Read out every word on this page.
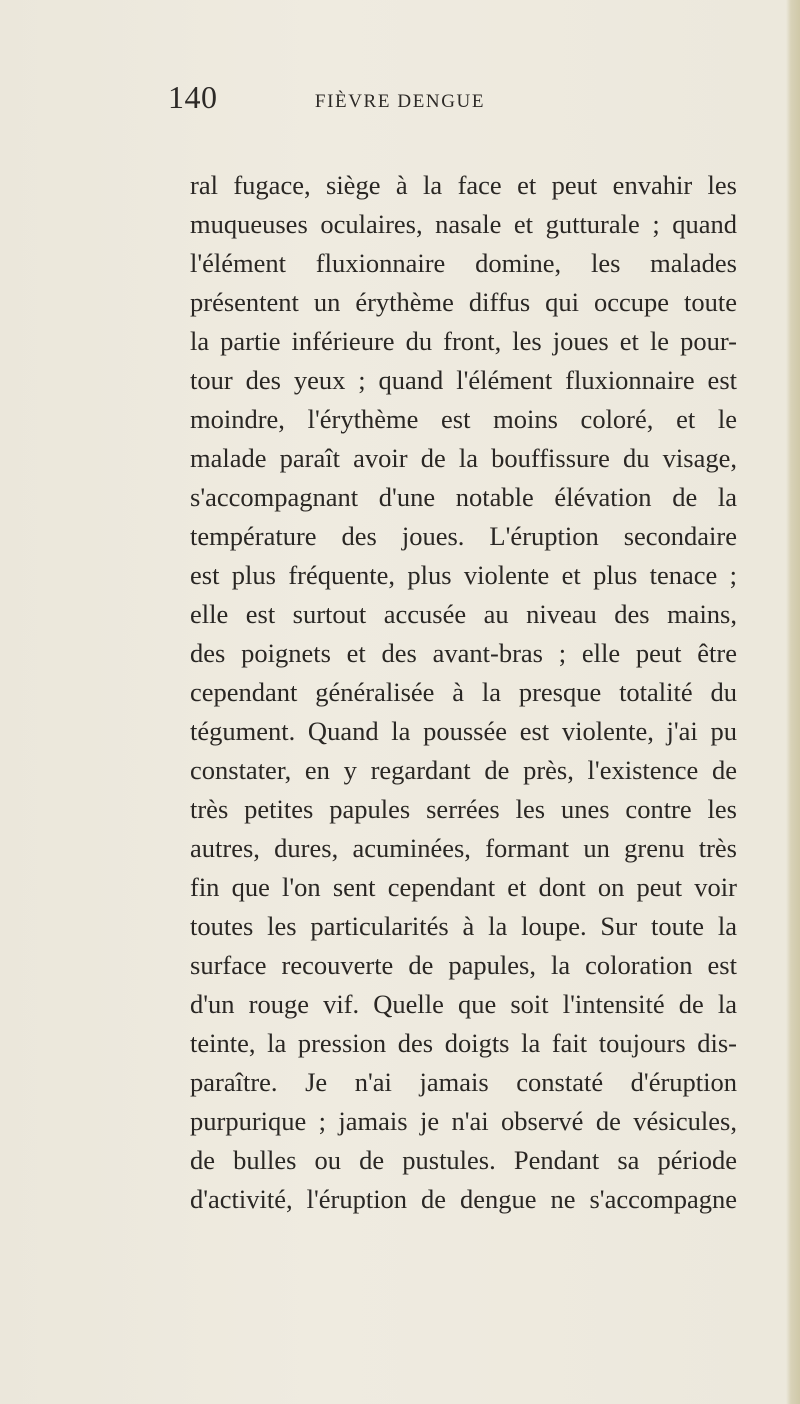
140	FIÈVRE DENGUE
ral fugace, siège à la face et peut envahir les
muqueuses oculaires, nasale et gutturale ; quand
l'élément fluxionnaire domine, les malades
présentent un érythème diffus qui occupe toute
la partie inférieure du front, les joues et le pour-
tour des yeux ; quand l'élément fluxionnaire est
moindre, l'érythème est moins coloré, et le
malade paraît avoir de la bouffissure du visage,
s'accompagnant d'une notable élévation de la
température des joues. L'éruption secondaire
est plus fréquente, plus violente et plus tenace ;
elle est surtout accusée au niveau des mains,
des poignets et des avant-bras ; elle peut être
cependant généralisée à la presque totalité du
tégument. Quand la poussée est violente, j'ai pu
constater, en y regardant de près, l'existence de
très petites papules serrées les unes contre les
autres, dures, acuminées, formant un grenu très
fin que l'on sent cependant et dont on peut voir
toutes les particularités à la loupe. Sur toute la
surface recouverte de papules, la coloration est
d'un rouge vif. Quelle que soit l'intensité de la
teinte, la pression des doigts la fait toujours dis-
paraître. Je n'ai jamais constaté d'éruption
purpurique ; jamais je n'ai observé de vésicules,
de bulles ou de pustules. Pendant sa période
d'activité, l'éruption de dengue ne s'accompagne
